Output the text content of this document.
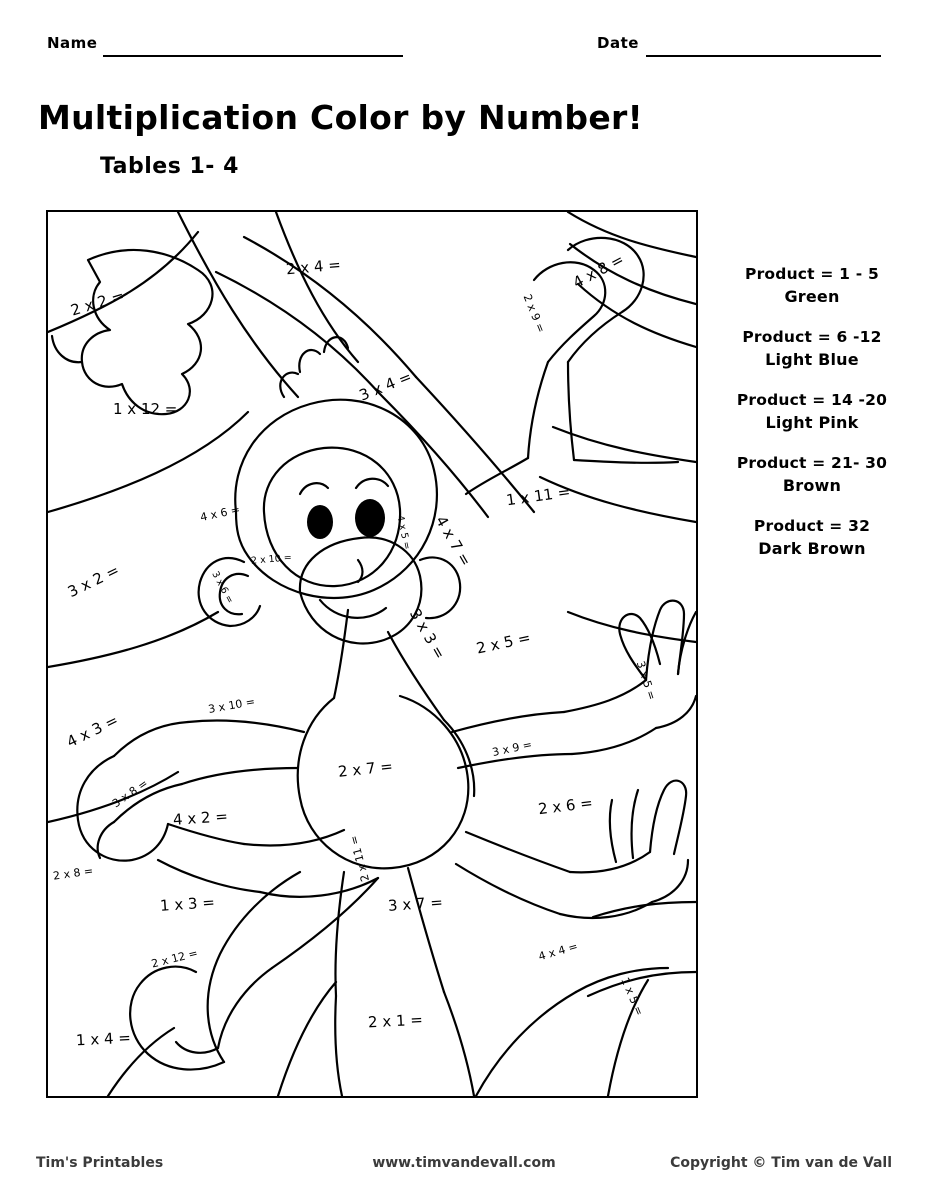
Name	Date
Multiplication Color by Number!
Tables 1- 4
2 x 2 =
2 x 4 =	4 x 8 =
2 x 9 =
1 x 12 =
3 x 4 =
4 x 6 =
4 x 5 =
1 x 11 =
2 x 10 =	4 x 7 =
3 x 2 =	3 x 6 =
3 x 3 = 2 x 5 =
3 x 5 =
4 x 3 =
3 x 10 =
2 x 7 =
3 x 9 =
3 x 8 =
4 x 2 =	2 x 6 =
2 x 8 =	2 x 11 =
3 x 7 =
1 x 3 =
2 x 12 =	4 x 4 =
1 x 5 =
1 x 4 =
2 x 1 =
Product = 1 - 5
Green
Product = 6 -12
Light Blue
Product = 14 -20
Light Pink
Product = 21- 30
Brown
Product = 32
Dark Brown
Tim's Printables	www.timvandevall.com	Copyright © Tim van de Vall
